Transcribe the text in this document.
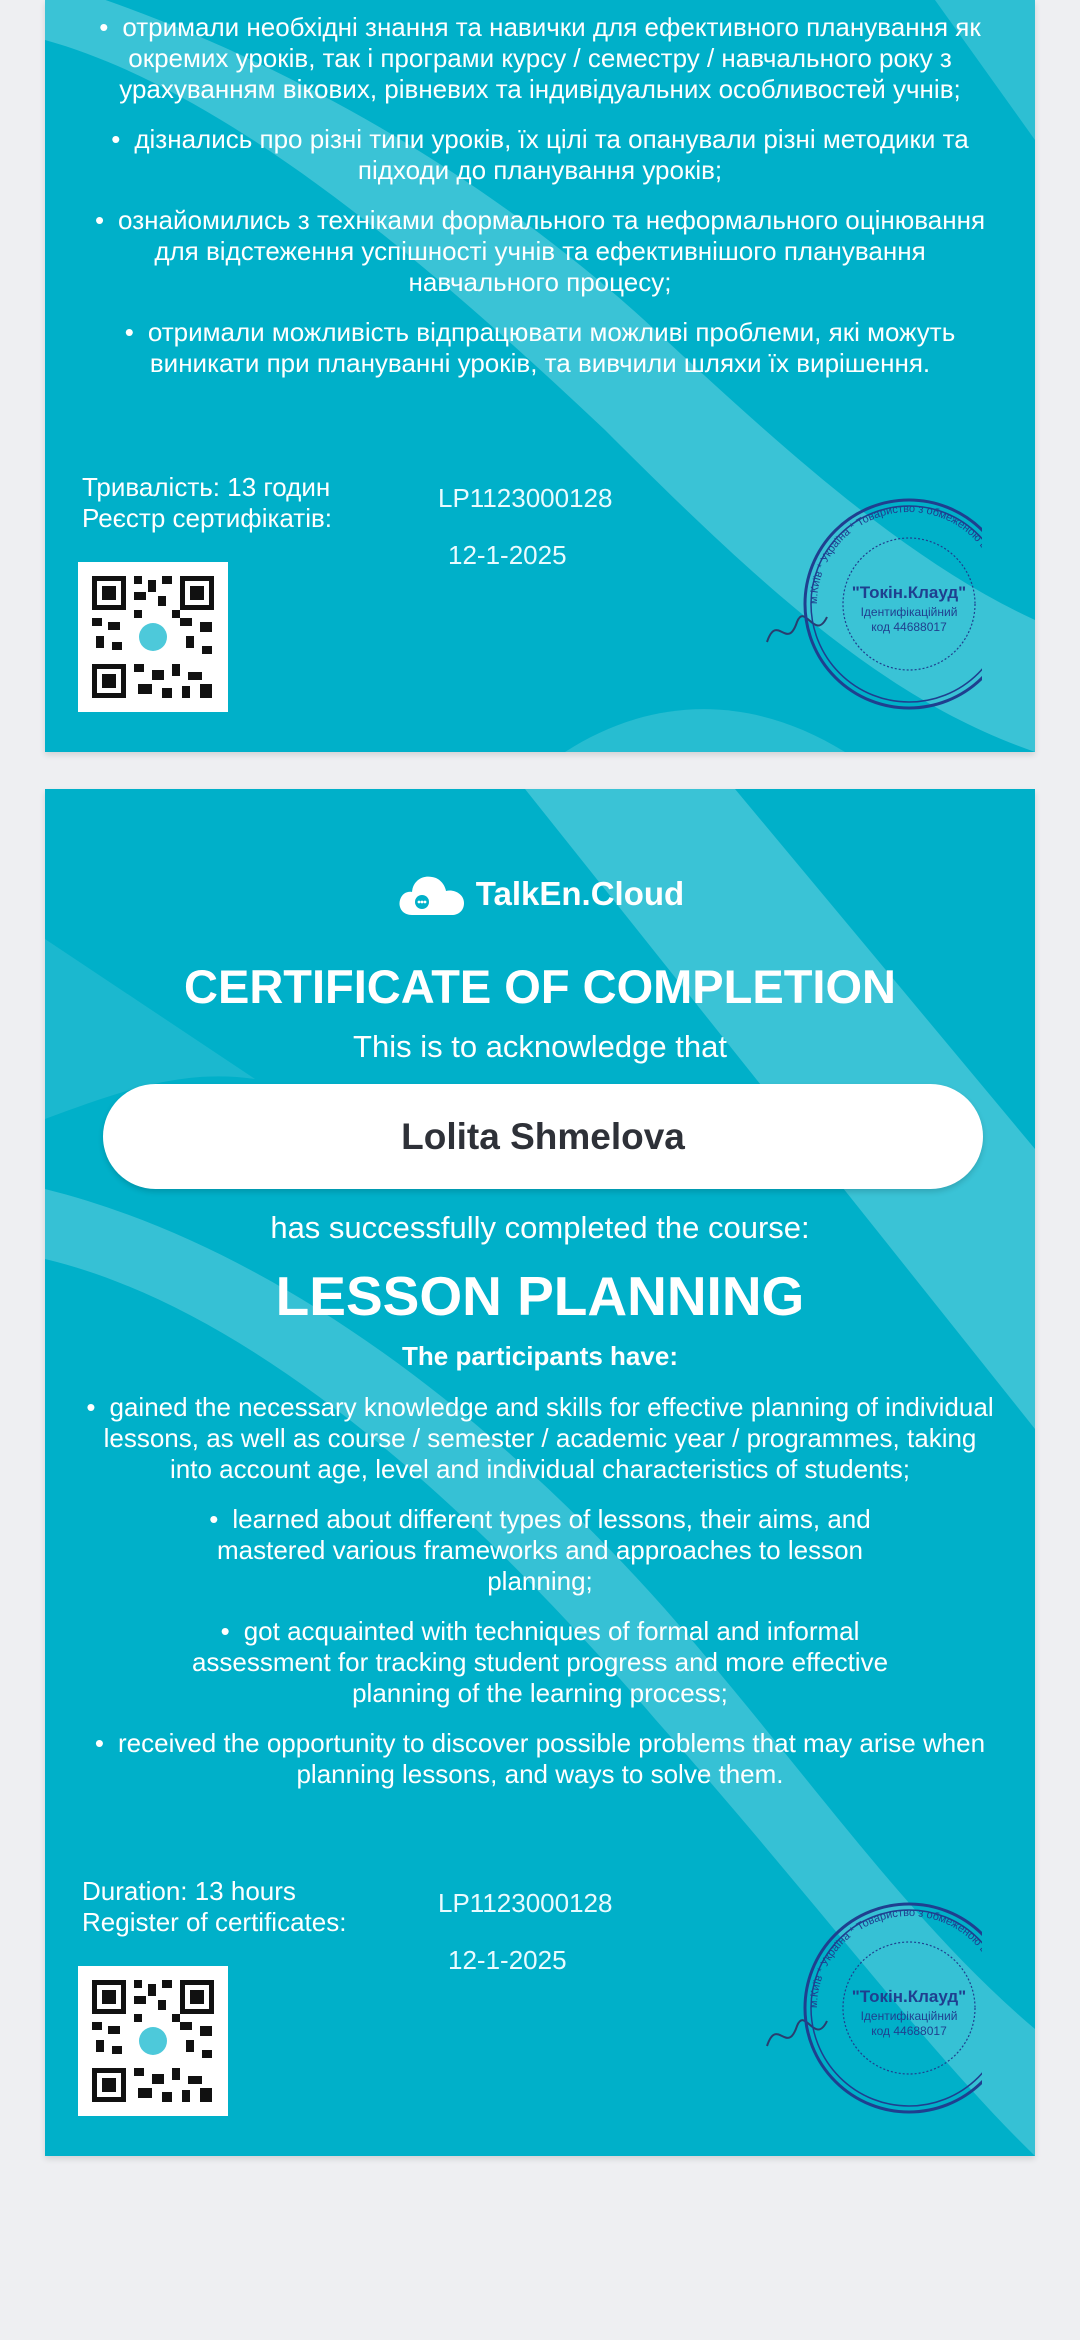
• отримали необхідні знання та навички для ефективного планування як окремих уроків, так і програми курсу / семестру / навчального року з урахуванням вікових, рівневих та індивідуальних особливостей учнів;
• дізнались про різні типи уроків, їх цілі та опанували різні методики та підходи до планування уроків;
• ознайомились з техніками формального та неформального оцінювання для відстеження успішності учнів та ефективнішого планування навчального процесу;
• отримали можливість відпрацювати можливі проблеми, які можуть виникати при плануванні уроків, та вивчили шляхи їх вирішення.
Тривалість: 13 годин
Реєстр сертифікатів:
LP1123000128
12-1-2025
м.Київ * Україна * Товариство з обмежено
"Токін.Клауд"
Ідентифікаційний
код 44688017
TalkEn.Cloud
CERTIFICATE OF COMPLETION
This is to acknowledge that
Lolita Shmelova
has successfully completed the course:
LESSON PLANNING
The participants have:
• gained the necessary knowledge and skills for effective planning of individual lessons, as well as course / semester / academic year / programmes, taking into account age, level and individual characteristics of students;
• learned about different types of lessons, their aims, and mastered various frameworks and approaches to lesson planning;
• got acquainted with techniques of formal and informal assessment for tracking student progress and more effective planning of the learning process;
• received the opportunity to discover possible problems that may arise when planning lessons, and ways to solve them.
Duration: 13 hours
Register of certificates:
LP1123000128
12-1-2025
м.Київ * Україна * Товариство з обмежено
"Токін.Клауд"
Ідентифікаційний
код 44688017
